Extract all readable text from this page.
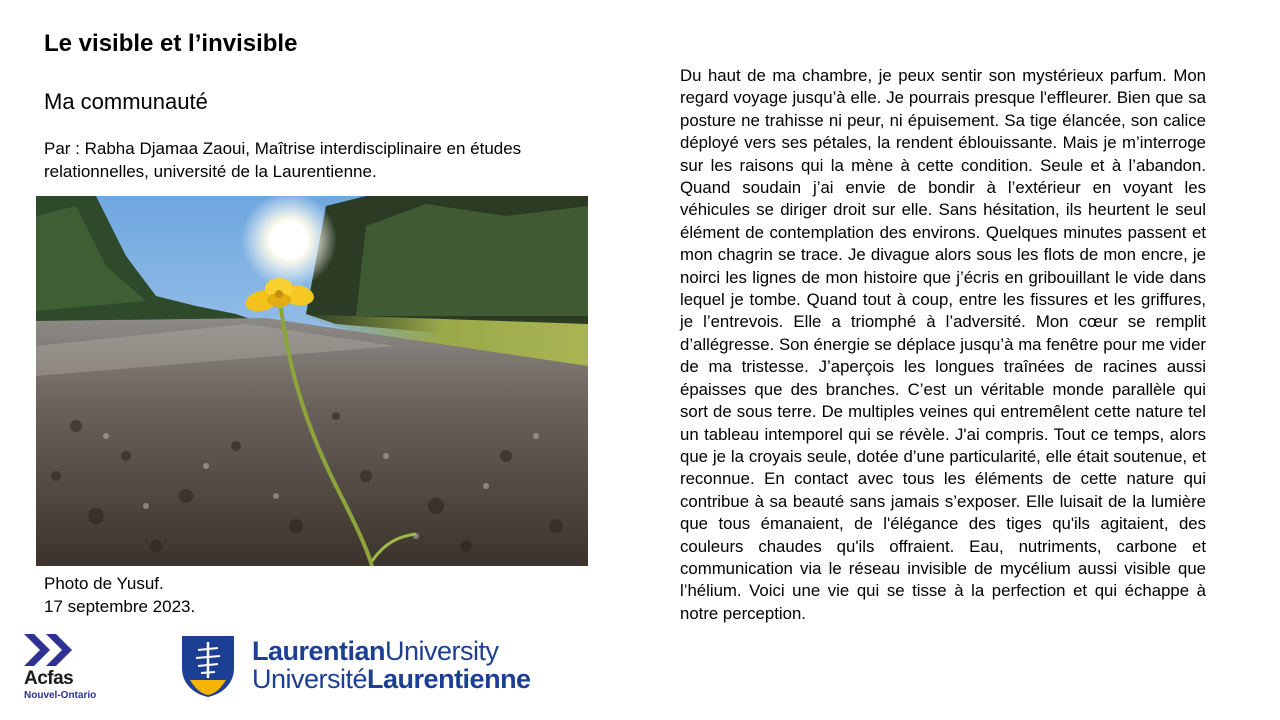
Le visible et l’invisible
Ma communauté

Par : Rabha Djamaa Zaoui, Maîtrise interdisciplinaire en études relationnelles, université de la Laurentienne.

Photo de Yusuf.
17 septembre 2023.

Du haut de ma chambre, je peux sentir son mystérieux parfum. Mon regard voyage jusqu’à elle. Je pourrais presque l'effleurer. Bien que sa posture ne trahisse ni peur, ni épuisement. Sa tige élancée, son calice déployé vers ses pétales, la rendent éblouissante. Mais je m’interroge sur les raisons qui la mène à cette condition. Seule et à l’abandon. Quand soudain j’ai envie de bondir à l’extérieur en voyant les véhicules se diriger droit sur elle. Sans hésitation, ils heurtent le seul élément de contemplation des environs. Quelques minutes passent et mon chagrin se trace. Je divague alors sous les flots de mon encre, je noirci les lignes de mon histoire que j’écris en gribouillant le vide dans lequel je tombe. Quand tout à coup, entre les fissures et les griffures, je l’entrevois. Elle a triomphé à l’adversité. Mon cœur se remplit d’allégresse. Son énergie se déplace jusqu’à ma fenêtre pour me vider de ma tristesse. J’aperçois les longues traînées de racines aussi épaisses que des branches. C’est un véritable monde parallèle qui sort de sous terre. De multiples veines qui entremêlent cette nature tel un tableau intemporel qui se révèle. J'ai compris. Tout ce temps, alors que je la croyais seule, dotée d’une particularité, elle était soutenue, et reconnue. En contact avec tous les éléments de cette nature qui contribue à sa beauté sans jamais s’exposer. Elle luisait de la lumière que tous émanaient, de l'élégance des tiges qu'ils agitaient, des couleurs chaudes qu'ils offraient. Eau, nutriments, carbone et communication via le réseau invisible de mycélium aussi visible que l’hélium. Voici une vie qui se tisse à la perfection et qui échappe à notre perception.

Acfas
Nouvel-Ontario
LaurentianUniversity
UniversitéLaurentienne
